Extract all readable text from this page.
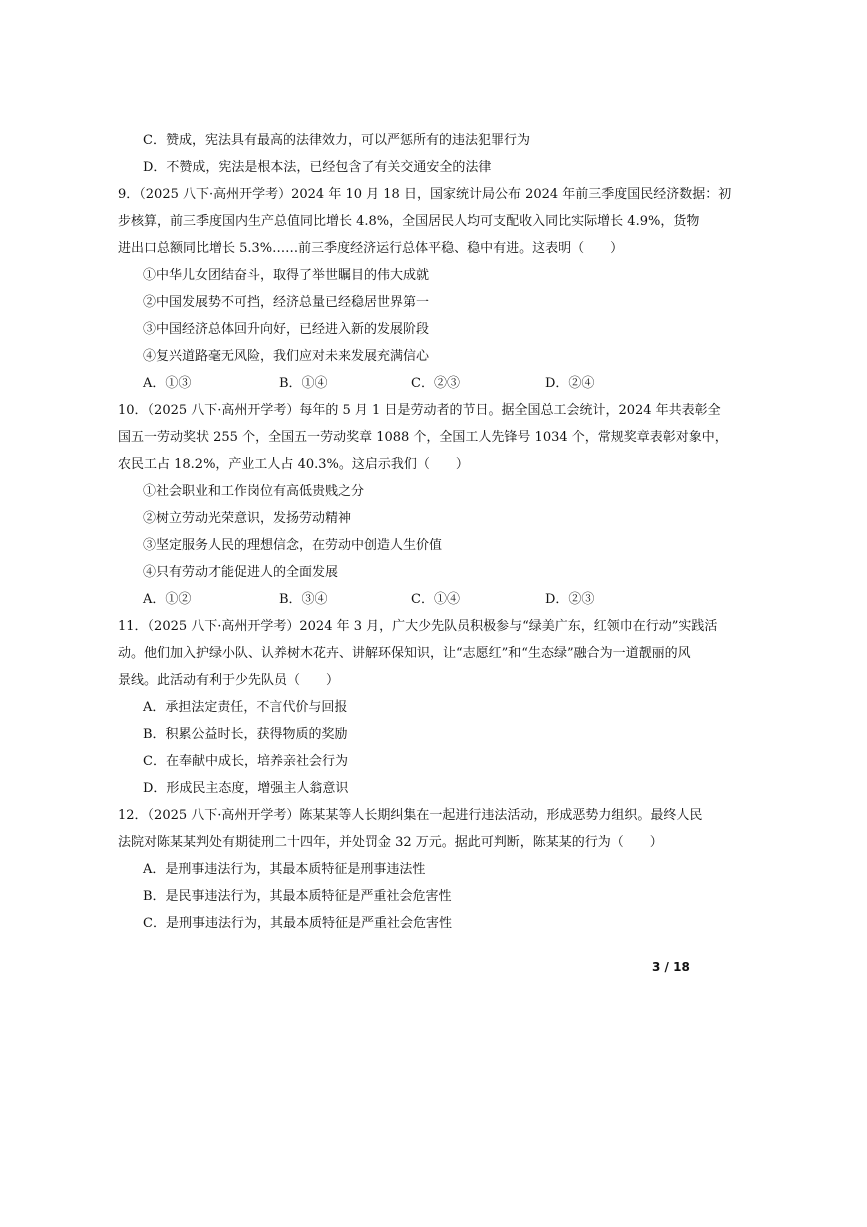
C．赞成，宪法具有最高的法律效力，可以严惩所有的违法犯罪行为
D．不赞成，宪法是根本法，已经包含了有关交通安全的法律
9．（2025 八下·高州开学考）2024 年 10 月 18 日，国家统计局公布 2024 年前三季度国民经济数据：初
步核算，前三季度国内生产总值同比增长 4.8%，全国居民人均可支配收入同比实际增长 4.9%，货物
进出口总额同比增长 5.3%……前三季度经济运行总体平稳、稳中有进。这表明（　　）
①中华儿女团结奋斗，取得了举世瞩目的伟大成就
②中国发展势不可挡，经济总量已经稳居世界第一
③中国经济总体回升向好，已经进入新的发展阶段
④复兴道路毫无风险，我们应对未来发展充满信心
A．①③	B．①④	C．②③	D．②④
10．（2025 八下·高州开学考）每年的 5 月 1 日是劳动者的节日。据全国总工会统计，2024 年共表彰全
国五一劳动奖状 255 个，全国五一劳动奖章 1088 个，全国工人先锋号 1034 个，常规奖章表彰对象中，
农民工占 18.2%，产业工人占 40.3%。这启示我们（　　）
①社会职业和工作岗位有高低贵贱之分
②树立劳动光荣意识，发扬劳动精神
③坚定服务人民的理想信念，在劳动中创造人生价值
④只有劳动才能促进人的全面发展
A．①②	B．③④	C．①④	D．②③
11．（2025 八下·高州开学考）2024 年 3 月，广大少先队员积极参与“绿美广东，红领巾在行动”实践活
动。他们加入护绿小队、认养树木花卉、讲解环保知识，让“志愿红”和“生态绿”融合为一道靓丽的风
景线。此活动有利于少先队员（　　）
A．承担法定责任，不言代价与回报
B．积累公益时长，获得物质的奖励
C．在奉献中成长，培养亲社会行为
D．形成民主态度，增强主人翁意识
12．（2025 八下·高州开学考）陈某某等人长期纠集在一起进行违法活动，形成恶势力组织。最终人民
法院对陈某某判处有期徒刑二十四年，并处罚金 32 万元。据此可判断，陈某某的行为（　　）
A．是刑事违法行为，其最本质特征是刑事违法性
B．是民事违法行为，其最本质特征是严重社会危害性
C．是刑事违法行为，其最本质特征是严重社会危害性
3 / 18
